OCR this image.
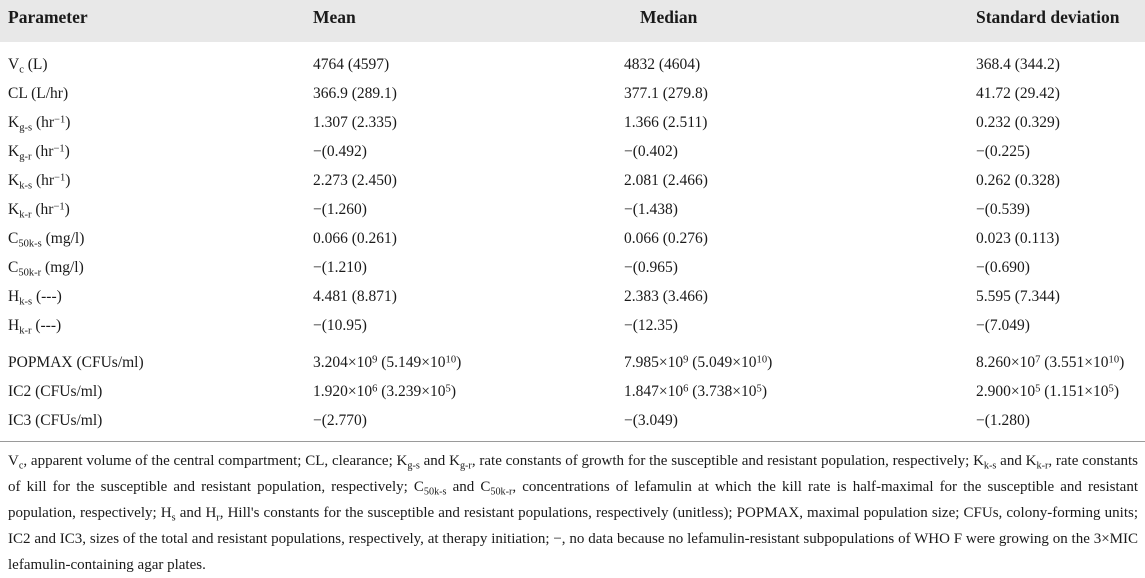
Parameter	Mean	Median	Standard deviation
$V_c$ (L)	4764 (4597)	4832 (4604)	368.4 (344.2)
CL (L/hr)	366.9 (289.1)	377.1 (279.8)	41.72 (29.42)
$K_{g-s}$ $(hr^{-1})$	1.307 (2.335)	1.366 (2.511)	0.232 (0.329)
$K_{g-r}$ $(hr^{-1})$	−(0.492)	−(0.402)	−(0.225)
$K_{k-s}$ $(hr^{-1})$	2.273 (2.450)	2.081 (2.466)	0.262 (0.328)
$K_{k-r}$ $(hr^{-1})$	−(1.260)	−(1.438)	−(0.539)
$C_{50k-s}$ (mg/l)	0.066 (0.261)	0.066 (0.276)	0.023 (0.113)
$C_{50k-r}$ (mg/l)	−(1.210)	−(0.965)	−(0.690)
$H_{k-s}$ (---)	4.481 (8.871)	2.383 (3.466)	5.595 (7.344)
$H_{k-r}$ (---)	−(10.95)	−(12.35)	−(7.049)
POPMAX (CFUs/ml)	$3.204\times 10^9$ $(5.149\times 10^{10})$	$7.985\times 10^9$ $(5.049\times 10^{10})$	$8.260\times 10^7$ $(3.551\times 10^{10})$
IC2 (CFUs/ml)	$1.920\times 10^6$ $(3.239\times 10^5)$	$1.847\times 10^6$ $(3.738\times 10^5)$	$2.900\times 10^5$ $(1.151\times 10^5)$
IC3 (CFUs/ml)	−(2.770)	−(3.049)	−(1.280)
$V_c$, apparent volume of the central compartment; CL, clearance; $K_{g-s}$ and $K_{g-r}$, rate constants of growth for the susceptible and resistant population, respectively; $K_{k-s}$ and $K_{k-r}$, rate constants of kill for the susceptible and resistant population, respectively; $C_{50k-s}$ and $C_{50k-r}$, concentrations of lefamulin at which the kill rate is half-maximal for the susceptible and resistant population, respectively; $H_s$ and $H_r$, Hill's constants for the susceptible and resistant populations, respectively (unitless); POPMAX, maximal population size; CFUs, colony-forming units; IC2 and IC3, sizes of the total and resistant populations, respectively, at therapy initiation; −, no data because no lefamulin-resistant subpopulations of WHO F were growing on the 3×MIC lefamulin-containing agar plates.
